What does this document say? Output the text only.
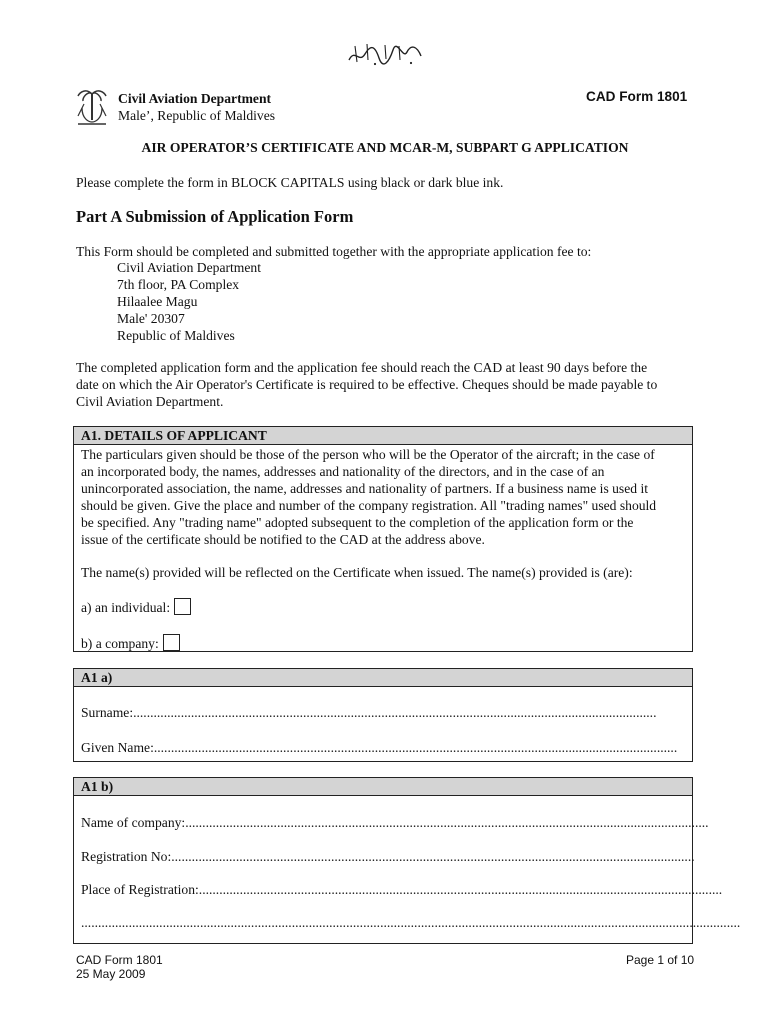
Civil Aviation Department
Male’, Republic of Maldives
CAD Form 1801
AIR OPERATOR’S CERTIFICATE AND MCAR-M, SUBPART G APPLICATION
Please complete the form in BLOCK CAPITALS using black or dark blue ink.
Part A Submission of Application Form
This Form should be completed and submitted together with the appropriate application fee to:
Civil Aviation Department
7th floor, PA Complex
Hilaalee Magu
Male' 20307
Republic of Maldives
The completed application form and the application fee should reach the CAD at least 90 days before the
date on which the Air Operator's Certificate is required to be effective. Cheques should be made payable to
Civil Aviation Department.
A1. DETAILS OF APPLICANT
The particulars given should be those of the person who will be the Operator of the aircraft; in the case of
an incorporated body, the names, addresses and nationality of the directors, and in the case of an
unincorporated association, the name, addresses and nationality of partners. If a business name is used it
should be given. Give the place and number of the company registration. All "trading names" used should
be specified. Any "trading name" adopted subsequent to the completion of the application form or the
issue of the certificate should be notified to the CAD at the address above.
The name(s) provided will be reflected on the Certificate when issued. The name(s) provided is (are):
a) an individual:
b) a company:
A1 a)
Surname:..........................................................................................................................................................
Given Name:..........................................................................................................................................................
A1 b)
Name of company:..........................................................................................................................................................
Registration No:..........................................................................................................................................................
Place of Registration:..........................................................................................................................................................
..................................................................................................................................................................................................
CAD Form 1801
25 May 2009
Page 1 of 10
